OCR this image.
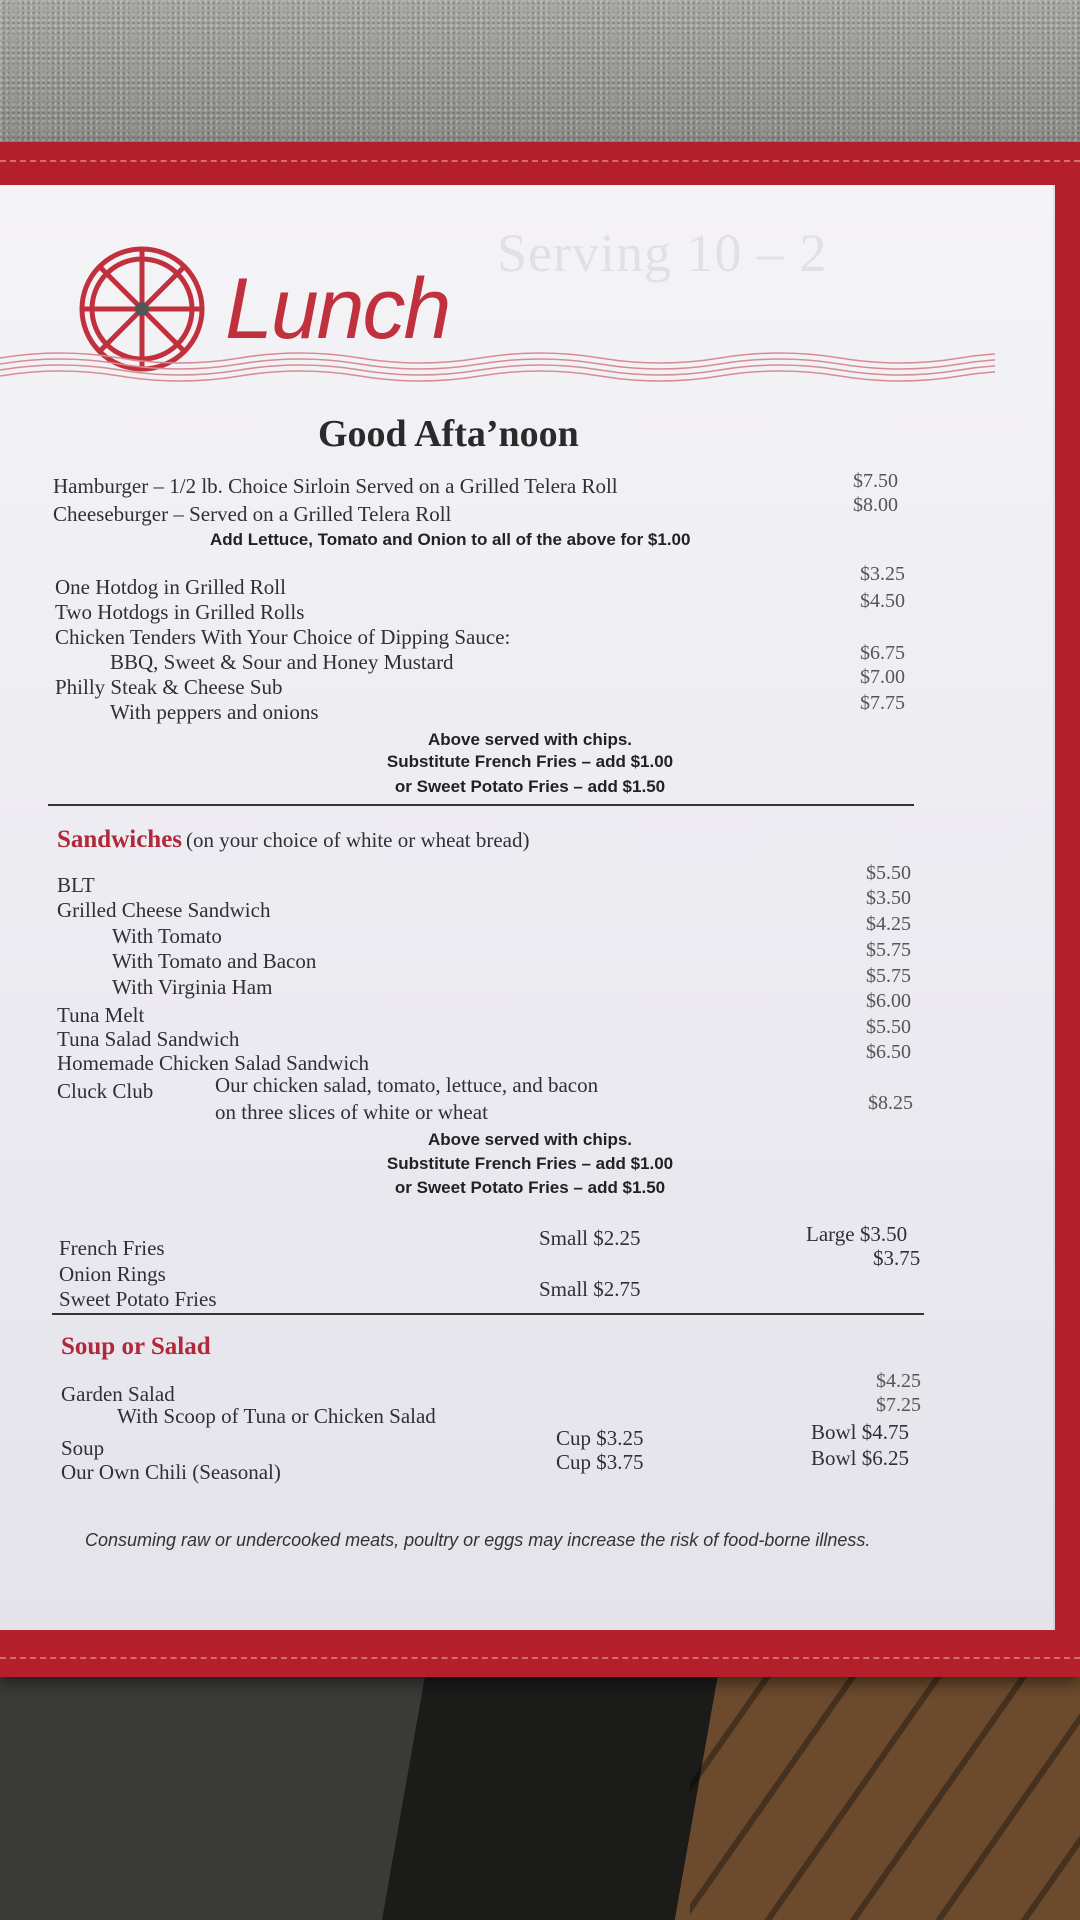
Serving 10 – 2
Lunch
Good Afta’noon
Hamburger – 1/2 lb. Choice Sirloin Served on a Grilled Telera Roll
Cheeseburger – Served on a Grilled Telera Roll
$7.50
$8.00
Add Lettuce, Tomato and Onion to all of the above for $1.00
One Hotdog in Grilled Roll
Two Hotdogs in Grilled Rolls
Chicken Tenders With Your Choice of Dipping Sauce:
BBQ, Sweet & Sour and Honey Mustard
Philly Steak & Cheese Sub
With peppers and onions
$3.25
$4.50
$6.75
$7.00
$7.75
Above served with chips.
Substitute French Fries – add $1.00
or Sweet Potato Fries – add $1.50
Sandwiches (on your choice of white or wheat bread)
BLT
Grilled Cheese Sandwich
With Tomato
With Tomato and Bacon
With Virginia Ham
Tuna Melt
Tuna Salad Sandwich
Homemade Chicken Salad Sandwich
Cluck Club	Our chicken salad, tomato, lettuce, and bacon
on three slices of white or wheat
$5.50
$3.50
$4.25
$5.75
$5.75
$6.00
$5.50
$6.50
$8.25
Above served with chips.
Substitute French Fries – add $1.00
or Sweet Potato Fries – add $1.50
French Fries
Onion Rings
Sweet Potato Fries
Small $2.25
Small $2.75
Large $3.50
$3.75
Soup or Salad
Garden Salad
With Scoop of Tuna or Chicken Salad
Soup
Our Own Chili (Seasonal)
$4.25
$7.25
Cup $3.25
Cup $3.75
Bowl $4.75
Bowl $6.25
Consuming raw or undercooked meats, poultry or eggs may increase the risk of food-borne illness.
